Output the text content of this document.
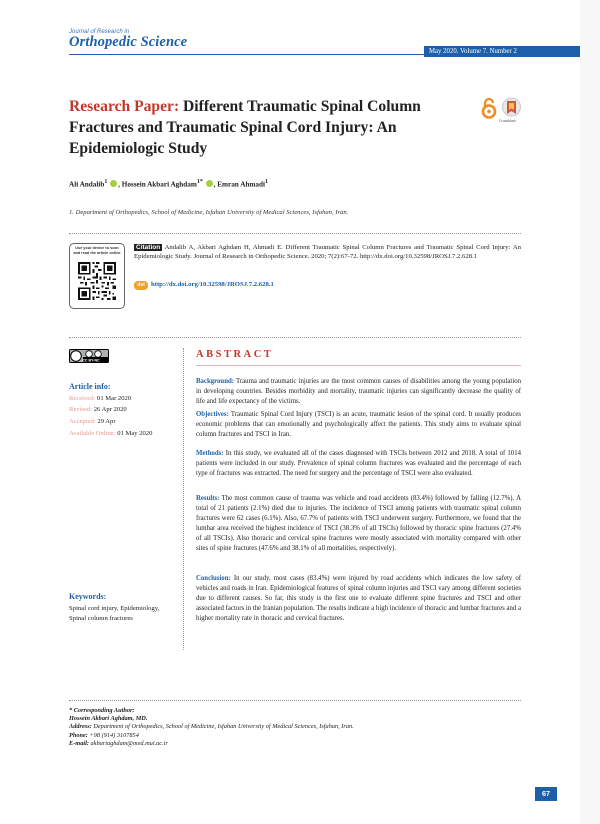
Journal of Research in
Orthopedic Science
May 2020. Volume 7. Number 2
Research Paper: Different Traumatic Spinal Column Fractures and Traumatic Spinal Cord Injury: An Epidemiologic Study
CrossMark
Ali Andalib$^1$ , Hossein Akbari Aghdam$^{1*}$ , Emran Ahmadi$^1$
1. Department of Orthopedics, School of Medicine, Isfahan University of Medical Sciences, Isfahan, Iran.
Use your device to scan and read the article online
Citation Andalib A, Akbari Aghdam H, Ahmadi E. Different Traumatic Spinal Column Fractures and Traumatic Spinal Cord Injury: An Epidemiologic Study. Journal of Research in Orthopedic Science. 2020; 7(2):67-72. http://dx.doi.org/10.32598/JROSJ.7.2.628.1
doi http://dx.doi.org/10.32598/JROSJ.7.2.628.1
CC BY-NC
Article info:
Received: 01 Mar 2020
Revised: 26 Apr 2020
Accepted: 29 Apr
Available Online: 01 May 2020
Keywords:
Spinal cord injury, Epidemiology, Spinal column fractures
ABSTRACT
Background: Trauma and traumatic injuries are the most common causes of disabilities among the young population in developing countries. Besides morbidity and mortality, traumatic injuries can significantly decrease the quality of life and life expectancy of the victims.
Objectives: Traumatic Spinal Cord Injury (TSCI) is an acute, traumatic lesion of the spinal cord. It usually produces economic problems that can emotionally and psychologically affect the patients. This study aims to evaluate spinal column fractures and TSCI in Iran.
Methods: In this study, we evaluated all of the cases diagnosed with TSCIs between 2012 and 2018. A total of 1014 patients were included in our study. Prevalence of spinal column fractures was evaluated and the percentage of each type of fractures was extracted. The need for surgery and the percentage of TSCI were also evaluated.
Results: The most common cause of trauma was vehicle and road accidents (83.4%) followed by falling (12.7%). A total of 21 patients (2.1%) died due to injuries. The incidence of TSCI among patients with traumatic spinal column fractures were 62 cases (6.1%). Also, 67.7% of patients with TSCI underwent surgery. Furthermore, we found that the lumbar area received the highest incidence of TSCI (38.3% of all TSCIs) followed by thoracic spine fractures (27.4% of all TSCIs). Also thoracic and cervical spine fractures were mostly associated with mortality compared with other sites of spine fractures (47.6% and 38.1% of all mortalities, respectively).
Conclusion: In our study, most cases (83.4%) were injured by road accidents which indicates the low safety of vehicles and roads in Iran. Epidemiological features of spinal column injuries and TSCI vary among different societies due to different causes. So far, this study is the first one to evaluate different spine fractures and TSCI and other associated factors in the Iranian population. The results indicate a high incidence of thoracic and lumbar fractures and a higher mortality rate in thoracic and cervical fractures.
* Corresponding Author:
Hossein Akbari Aghdam, MD.
Address: Department of Orthopedics, School of Medicine, Isfahan University of Medical Sciences, Isfahan, Iran.
Phone: +98 (914) 3107854
E-mail: akbariaghdam@med.mui.ac.ir
67
